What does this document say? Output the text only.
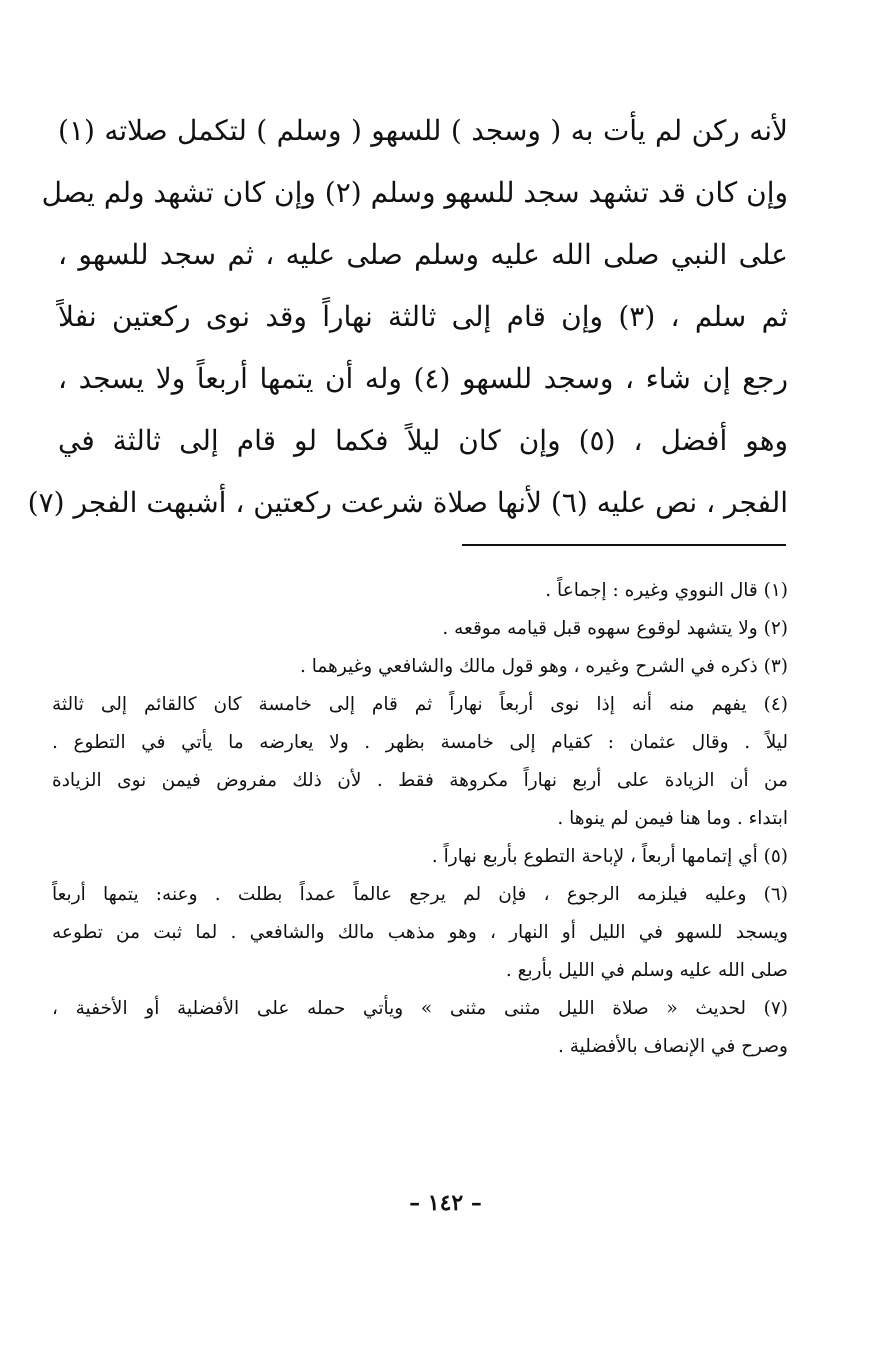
لأنه ركن لم يأت به ( وسجد ) للسهو ( وسلم ) لتكمل صلاته (١)
وإن كان قد تشهد سجد للسهو وسلم (٢) وإن كان تشهد ولم يصل
على النبي صلى الله عليه وسلم صلى عليه ، ثم سجد للسهو ،
ثم سلم ، (٣) وإن قام إلى ثالثة نهاراً وقد نوى ركعتين نفلاً
رجع إن شاء ، وسجد للسهو (٤) وله أن يتمها أربعاً ولا يسجد ،
وهو أفضل ، (٥) وإن كان ليلاً فكما لو قام إلى ثالثة في
الفجر ، نص عليه (٦) لأنها صلاة شرعت ركعتين ، أشبهت الفجر (٧)
(١) قال النووي وغيره : إجماعاً .
(٢) ولا يتشهد لوقوع سهوه قبل قيامه موقعه .
(٣) ذكره في الشرح وغيره ، وهو قول مالك والشافعي وغيرهما .
(٤) يفهم منه أنه إذا نوى أربعاً نهاراً ثم قام إلى خامسة كان كالقائم إلى ثالثة
ليلاً . وقال عثمان : كقيام إلى خامسة بظهر . ولا يعارضه ما يأتي في التطوع .
من أن الزيادة على أربع نهاراً مكروهة فقط . لأن ذلك مفروض فيمن نوى الزيادة
ابتداء . وما هنا فيمن لم ينوها .
(٥) أي إتمامها أربعاً ، لإباحة التطوع بأربع نهاراً .
(٦) وعليه فيلزمه الرجوع ، فإن لم يرجع عالماً عمداً بطلت . وعنه: يتمها أربعاً
ويسجد للسهو في الليل أو النهار ، وهو مذهب مالك والشافعي . لما ثبت من تطوعه
صلى الله عليه وسلم في الليل بأربع .
(٧) لحديث « صلاة الليل مثنى مثنى » ويأتي حمله على الأفضلية أو الأخفية ،
وصرح في الإنصاف بالأفضلية .
– ١٤٢ –
